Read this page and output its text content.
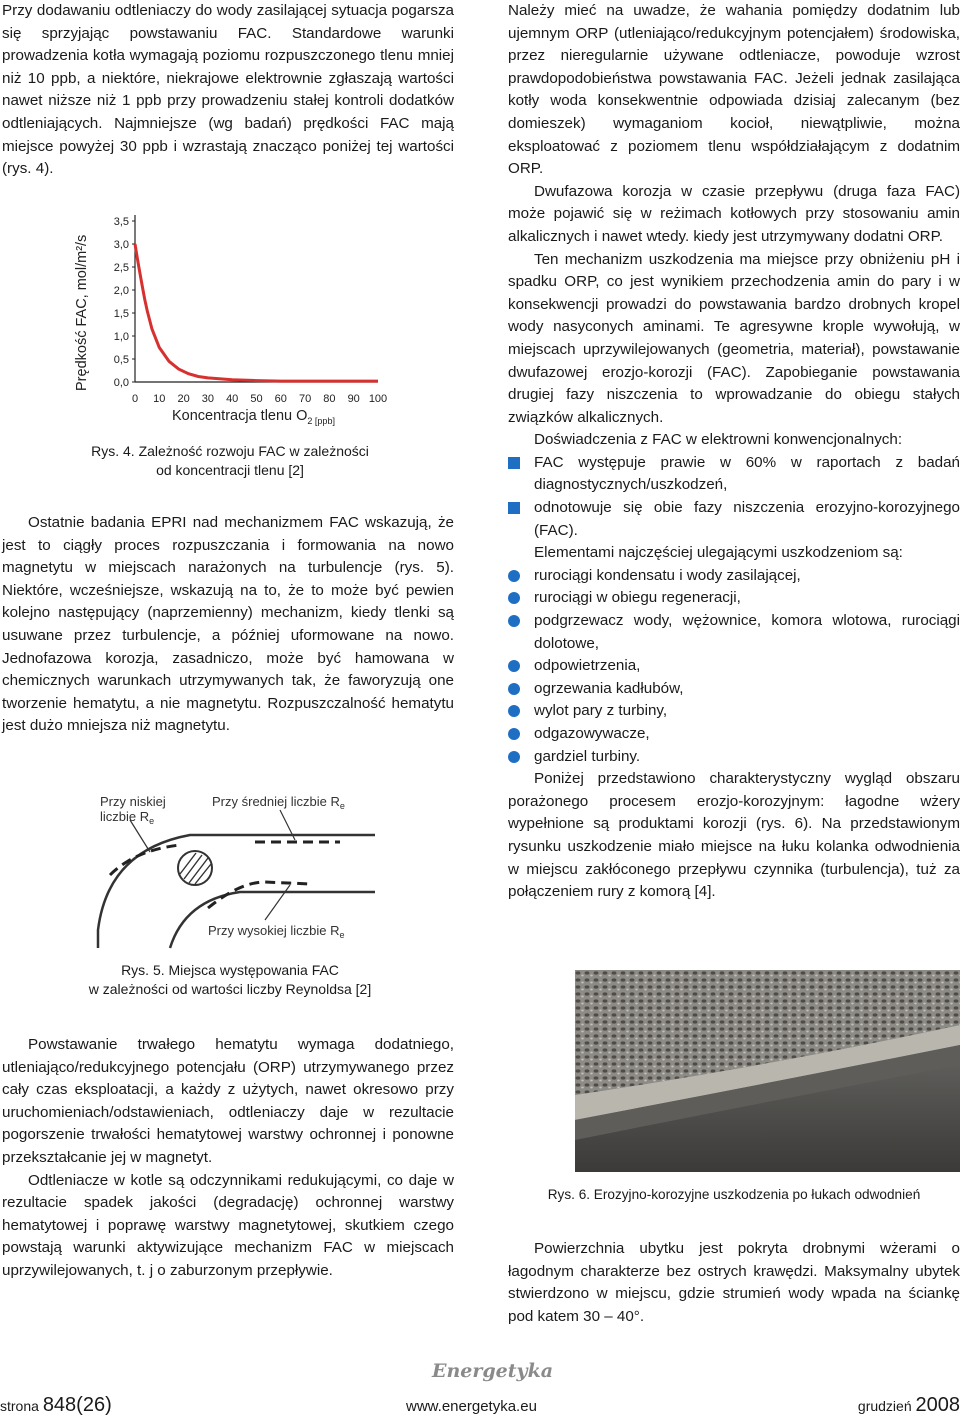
Przy dodawaniu odtleniaczy do wody zasilającej sytuacja pogarsza się sprzyjając powstawaniu FAC. Standardowe warunki prowadzenia kotła wymagają poziomu rozpuszczonego tlenu mniej niż 10 ppb, a niektóre, niekrajowe elektrownie zgłaszają wartości nawet niższe niż 1 ppb przy prowadzeniu stałej kontroli dodatków odtleniających. Najmniejsze (wg badań) prędkości FAC mają miejsce powyżej 30 ppb i wzrastają znacząco poniżej tej wartości (rys. 4).

Prędkość FAC, mol/m²/s 0,0
0,5
1,0
1,5
2,0
2,5
3,0
3,5
0 10 20 30 40 50 60 70 80 90 100
Koncentracja tlenu $O_{2 [ppb]}$
Rys. 4. Zależność rozwoju FAC w zależności
od koncentracji tlenu [2]

Ostatnie badania EPRI nad mechanizmem FAC wskazują, że jest to ciągły proces rozpuszczania i formowania na nowo magnetytu w miejscach narażonych na turbulencje (rys. 5). Niektóre, wcześniejsze, wskazują na to, że to może być pewien kolejno następujący (naprzemienny) mechanizm, kiedy tlenki są usuwane przez turbulencje, a później uformowane na nowo. Jednofazowa korozja, zasadniczo, może być hamowana w chemicznych warunkach utrzymywanych tak, że faworyzują one tworzenie hematytu, a nie magnetytu. Rozpuszczalność hematytu jest dużo mniejsza niż magnetytu.

Przy niskiej
liczbie $R_e$
Przy średniej liczbie $R_e$
Przy wysokiej liczbie $R_e$
Rys. 5. Miejsca występowania FAC
w zależności od wartości liczby Reynoldsa [2]

Powstawanie trwałego hematytu wymaga dodatniego, utleniająco/redukcyjnego potencjału (ORP) utrzymywanego przez cały czas eksploatacji, a każdy z użytych, nawet okresowo przy uruchomieniach/odstawieniach, odtleniaczy daje w rezultacie pogorszenie trwałości hematytowej warstwy ochronnej i ponowne przekształcanie jej w magnetyt.

Odtleniacze w kotle są odczynnikami redukującymi, co daje w rezultacie spadek jakości (degradację) ochronnej warstwy hematytowej i poprawę warstwy magnetytowej, skutkiem czego powstają warunki aktywizujące mechanizm FAC w miejscach uprzywilejowanych, t. j o zaburzonym przepływie.

Należy mieć na uwadze, że wahania pomiędzy dodatnim lub ujemnym ORP (utleniająco/redukcyjnym potencjałem) środowiska, przez nieregularnie używane odtleniacze, powoduje wzrost prawdopodobieństwa powstawania FAC. Jeżeli jednak zasilająca kotły woda konsekwentnie odpowiada dzisiaj zalecanym (bez domieszek) wymaganiom kocioł, niewątpliwie, można eksploatować z poziomem tlenu współdziałającym z dodatnim ORP.

Dwufazowa korozja w czasie przepływu (druga faza FAC) może pojawić się w reżimach kotłowych przy stosowaniu amin alkalicznych i nawet wtedy. kiedy jest utrzymywany dodatni ORP.

Ten mechanizm uszkodzenia ma miejsce przy obniżeniu pH i spadku ORP, co jest wynikiem przechodzenia amin do pary i w konsekwencji prowadzi do powstawania bardzo drobnych kropel wody nasyconych aminami. Te agresywne krople wywołują, w miejscach uprzywilejowanych (geometria, materiał), powstawanie dwufazowej erozjo-korozji (FAC). Zapobieganie powstawania drugiej fazy niszczenia to wprowadzanie do obiegu stałych związków alkalicznych.

Doświadczenia z FAC w elektrowni konwencjonalnych:

FAC występuje prawie w 60% w raportach z badań diagnostycznych/uszkodzeń,
odnotowuje się obie fazy niszczenia erozyjno-korozyjnego (FAC).

Elementami najczęściej ulegającymi uszkodzeniom są:

rurociągi kondensatu i wody zasilającej,
rurociągi w obiegu regeneracji,
podgrzewacz wody, wężownice, komora wlotowa, rurociągi dolotowe,
odpowietrzenia,
ogrzewania kadłubów,
wylot pary z turbiny,
odgazowywacze,
gardziel turbiny.

Poniżej przedstawiono charakterystyczny wygląd obszaru porażonego procesem erozjo-korozyjnym: łagodne wżery wypełnione są produktami korozji (rys. 6). Na przedstawionym rysunku uszkodzenie miało miejsce na łuku kolanka odwodnienia w miejscu zakłóconego przepływu czynnika (turbulencja), tuż za połączeniem rury z komorą [4].

Rys. 6. Erozyjno-korozyjne uszkodzenia po łukach odwodnień

Powierzchnia ubytku jest pokryta drobnymi wżerami o łagodnym charakterze bez ostrych krawędzi. Maksymalny ubytek stwierdzono w miejscu, gdzie strumień wody wpada na ściankę pod katem 30 – 40°.

Energetyka
strona 848(26)	www.energetyka.eu	grudzień 2008
